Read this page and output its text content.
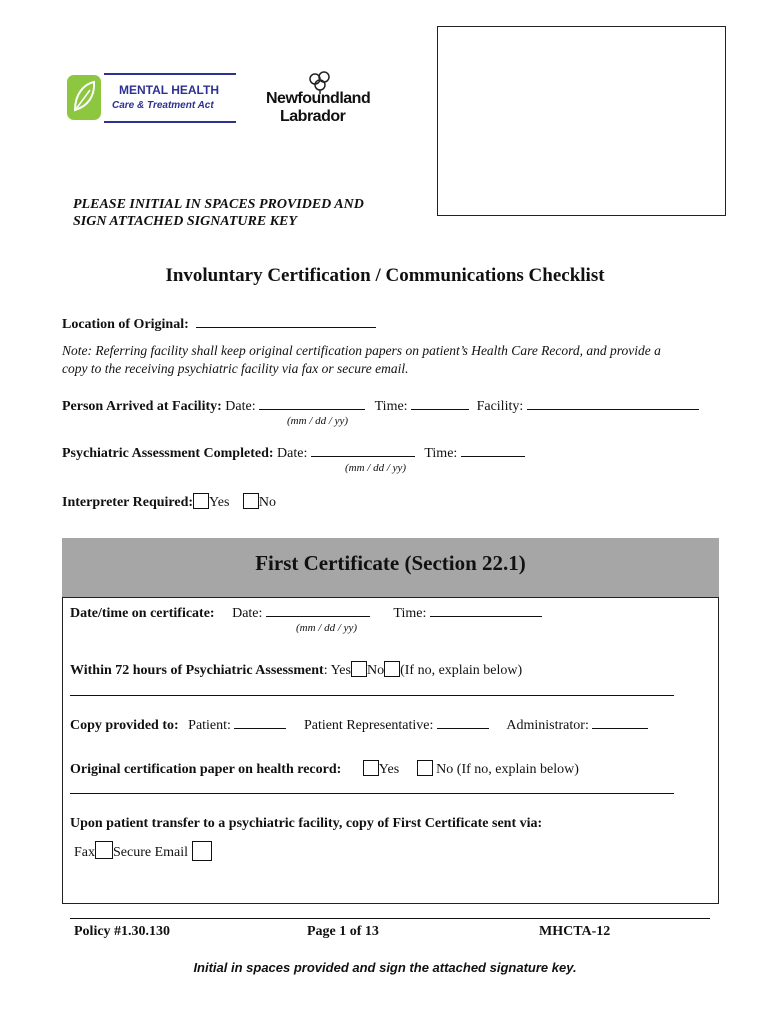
MENTAL HEALTH
Care & Treatment Act	Newfoundland
Labrador
PLEASE INITIAL IN SPACES PROVIDED AND
SIGN ATTACHED SIGNATURE KEY
Involuntary Certification / Communications Checklist
Location of Original:
Note: Referring facility shall keep original certification papers on patient’s Health Care Record, and provide a
copy to the receiving psychiatric facility via fax or secure email.
Person Arrived at Facility: Date:	Time:	Facility:
(mm / dd / yy)
Psychiatric Assessment Completed: Date:	Time:
(mm / dd / yy)
Interpreter Required: Yes No
First Certificate (Section 22.1)
Date/time on certificate: Date:	Time:
(mm / dd / yy)
Within 72 hours of Psychiatric Assessment: Yes No (If no, explain below)
Copy provided to: Patient:	Patient Representative:	Administrator:
Original certification paper on health record:	Yes	No (If no, explain below)
Upon patient transfer to a psychiatric facility, copy of First Certificate sent via:
Fax Secure Email
Policy #1.30.130	Page 1 of 13	MHCTA-12
Initial in spaces provided and sign the attached signature key.
